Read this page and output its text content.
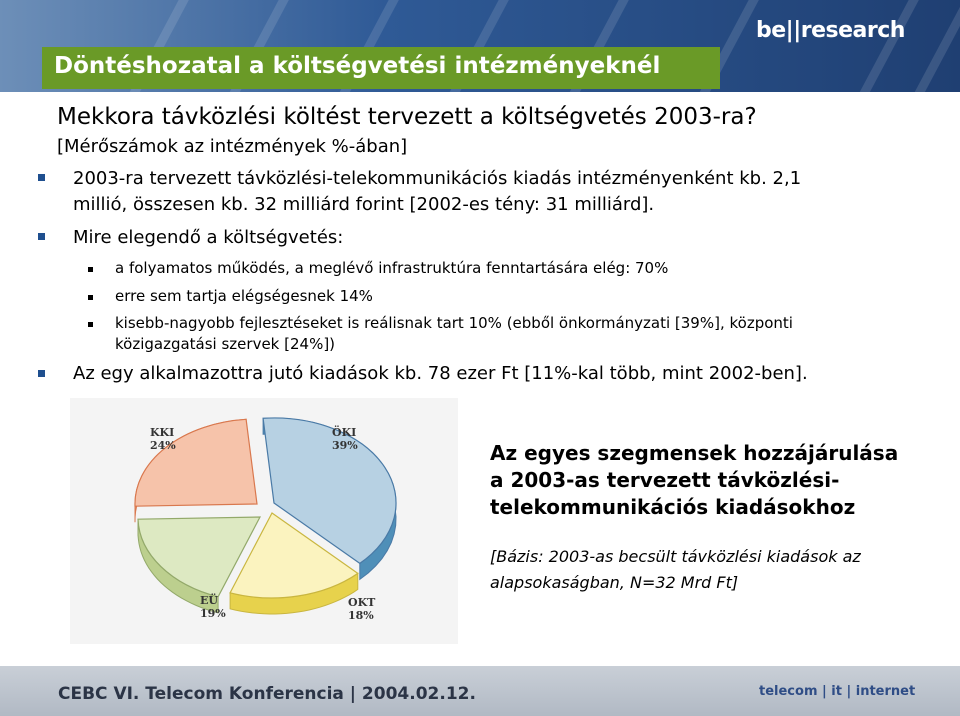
be||research
Döntéshozatal a költségvetési intézményeknél
Mekkora távközlési költést tervezett a költségvetés 2003-ra?
[Mérőszámok az intézmények %-ában]
2003-ra tervezett távközlési-telekommunikációs kiadás intézményenként kb. 2,1
millió, összesen kb. 32 milliárd forint [2002-es tény: 31 milliárd].
Mire elegendő a költségvetés:
a folyamatos működés, a meglévő infrastruktúra fenntartására elég: 70%
erre sem tartja elégségesnek 14%
kisebb-nagyobb fejlesztéseket is reálisnak tart 10% (ebből önkormányzati [39%], központi
közigazgatási szervek [24%])
Az egy alkalmazottra jutó kiadások kb. 78 ezer Ft [11%-kal több, mint 2002-ben].
ÖKI
39%
OKT
18%
EÜ
19%
KKI
24%	Az egyes szegmensek hozzájárulása a 2003-as tervezett távközlési-telekommunikációs kiadásokhoz
[Bázis: 2003-as becsült távközlési kiadások az alapsokaságban, N=32 Mrd Ft]
CEBC VI. Telecom Konferencia | 2004.02.12.	telecom | it | internet
